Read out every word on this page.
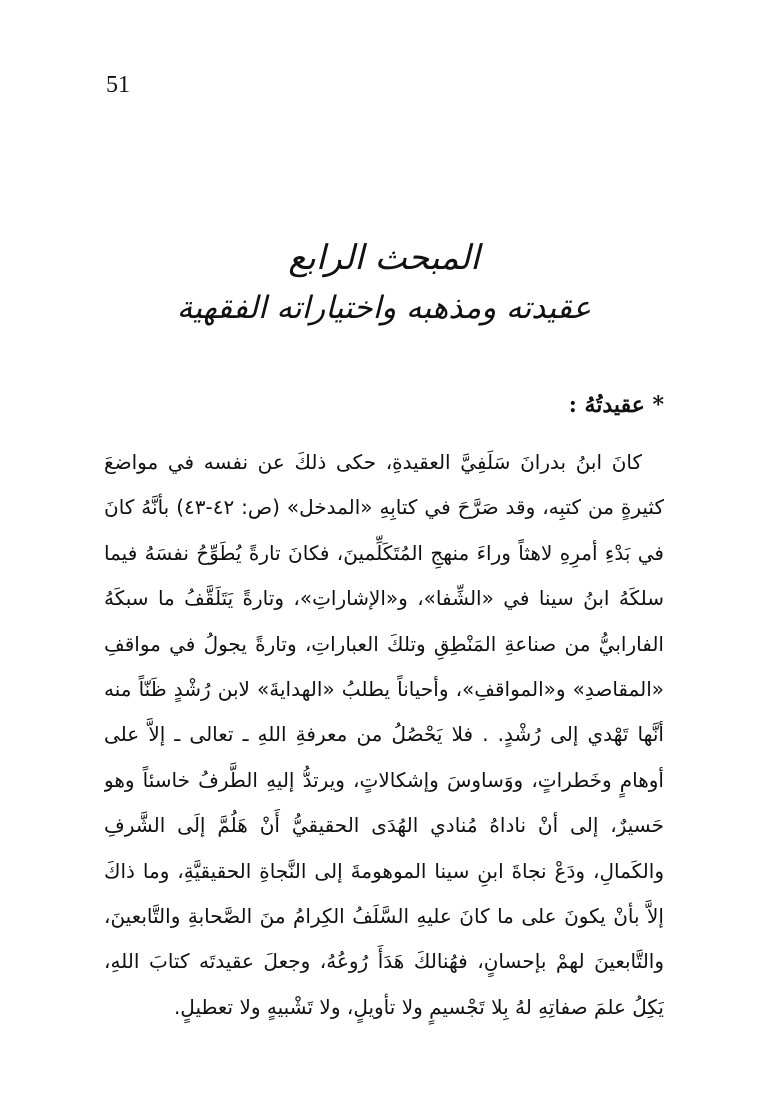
51
المبحث الرابع
عقيدته ومذهبه واختياراته الفقهية
* عقيدتُهُ :
كانَ ابنُ بدرانَ سَلَفِيَّ العقيدةِ، حكى ذلكَ عن نفسه في مواضعَ
كثيرةٍ من كتبِه، وقد صَرَّحَ في كتابِهِ «المدخل» (ص: ٤٢-٤٣) بأنَّهُ كانَ
في بَدْءِ أمرِهِ لاهثاً وراءَ منهجِ المُتَكَلِّمينَ، فكانَ تارةً يُطَوِّحُ نفسَهُ فيما
سلكَهُ ابنُ سينا في «الشِّفا»، و«الإشاراتِ»، وتارةً يَتَلَقَّفُ ما سبكَهُ
الفارابيُّ من صناعةِ المَنْطِقِ وتلكَ العباراتِ، وتارةً يجولُ في مواقفِ
«المقاصدِ» و«المواقفِ»، وأحياناً يطلبُ «الهدايةَ» لابن رُشْدٍ ظَنّاً منه
أنَّها تَهْدي إلى رُشْدٍ. . فلا يَحْصُلُ من معرفةِ اللهِ ـ تعالى ـ إلاَّ على
أوهامٍ وخَطراتٍ، ووَساوسَ وإشكالاتٍ، ويرتدُّ إليهِ الطَّرفُ خاسئاً وهو
حَسيرٌ، إلى أنْ ناداهُ مُنادي الهُدَى الحقيقيُّ أَنْ هَلُمَّ إلَى الشَّرفِ
والكَمالِ، ودَعْ نجاةَ ابنِ سينا الموهومةَ إلى النَّجاةِ الحقيقيَّةِ، وما ذاكَ
إلاَّ بأنْ يكونَ على ما كانَ عليهِ السَّلَفُ الكِرامُ منَ الصَّحابةِ والتَّابعينَ،
والتَّابعينَ لهمْ بإحسانٍ، فهُنالكَ هَدَأَ رُوعُهُ، وجعلَ عقيدتَه كتابَ اللهِ،
يَكِلُ علمَ صفاتِهِ لهُ بِلا تَجْسيمٍ ولا تأويلٍ، ولا تَشْبيهٍ ولا تعطيلٍ.
